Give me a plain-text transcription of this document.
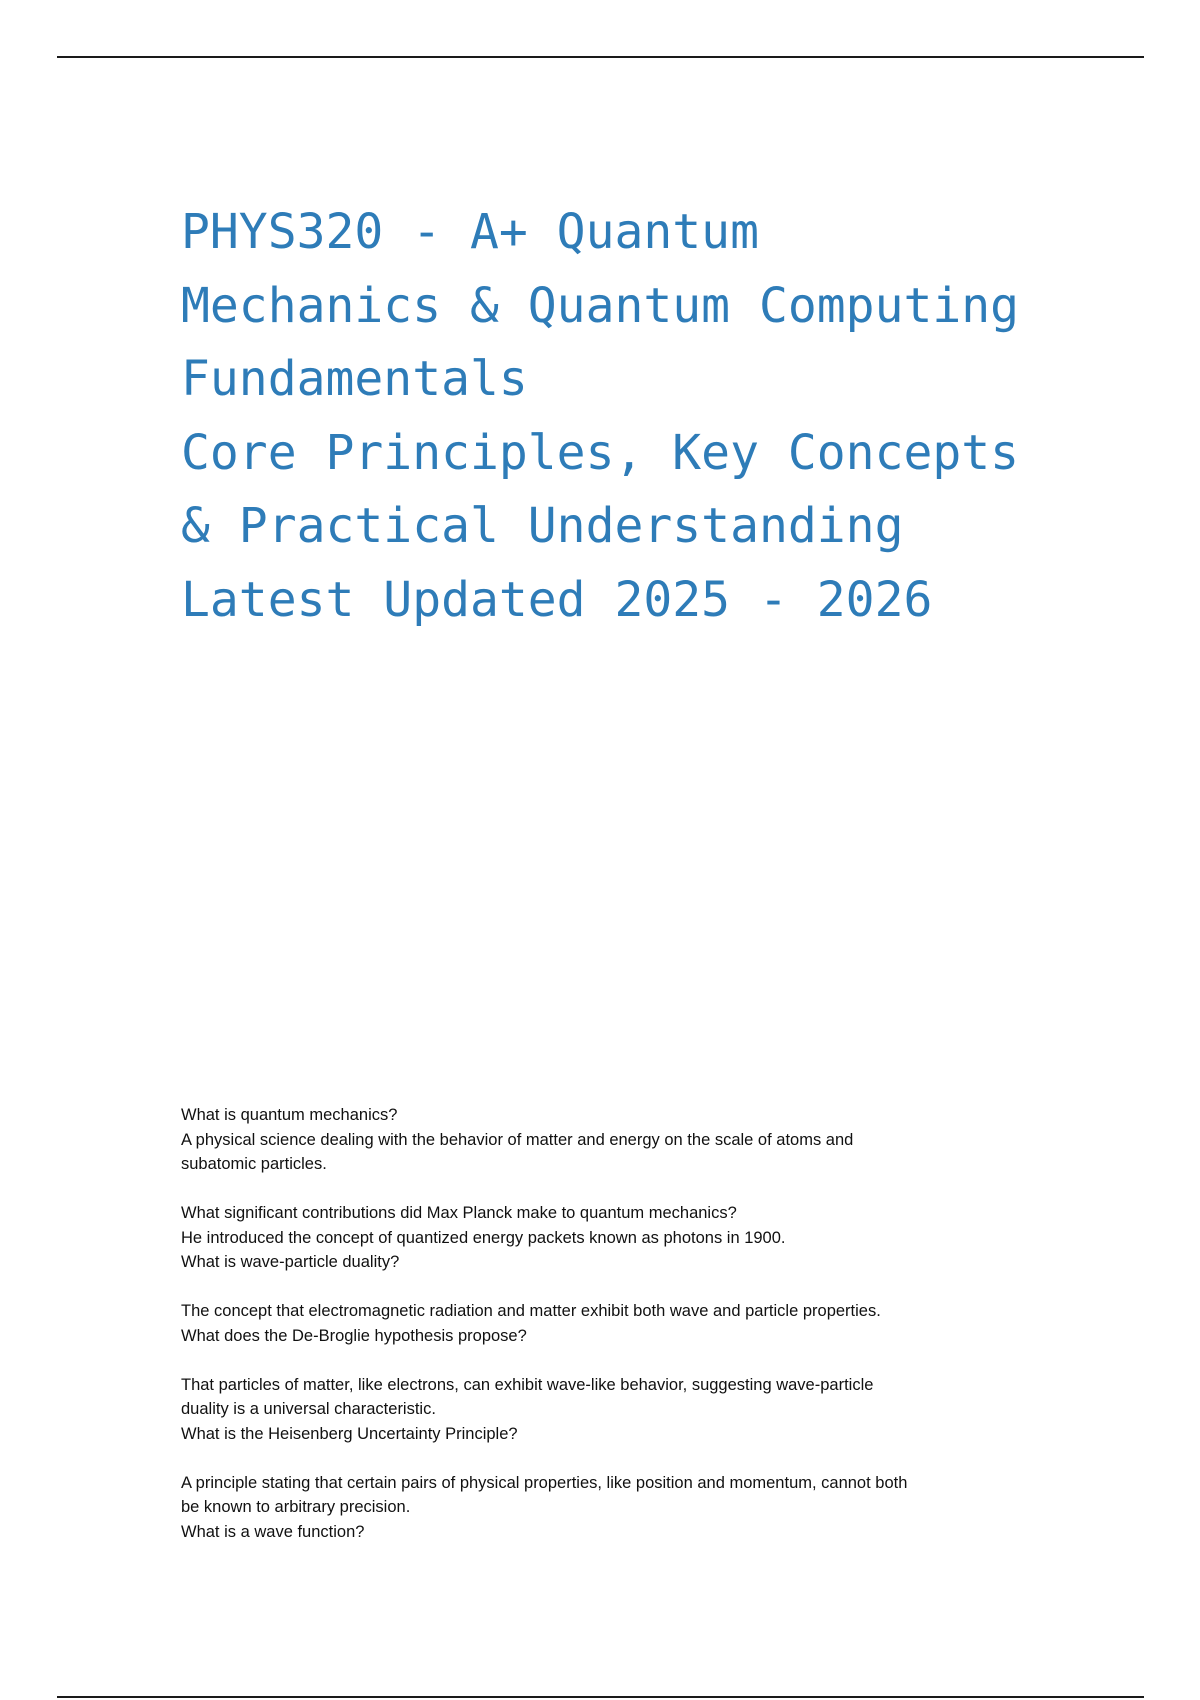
PHYS320 - A+ Quantum
Mechanics & Quantum Computing
Fundamentals
Core Principles, Key Concepts
& Practical Understanding
Latest Updated 2025 - 2026
What is quantum mechanics?
A physical science dealing with the behavior of matter and energy on the scale of atoms and
subatomic particles.
What significant contributions did Max Planck make to quantum mechanics?
He introduced the concept of quantized energy packets known as photons in 1900.
What is wave-particle duality?
The concept that electromagnetic radiation and matter exhibit both wave and particle properties.
What does the De-Broglie hypothesis propose?
That particles of matter, like electrons, can exhibit wave-like behavior, suggesting wave-particle
duality is a universal characteristic.
What is the Heisenberg Uncertainty Principle?
A principle stating that certain pairs of physical properties, like position and momentum, cannot both
be known to arbitrary precision.
What is a wave function?
